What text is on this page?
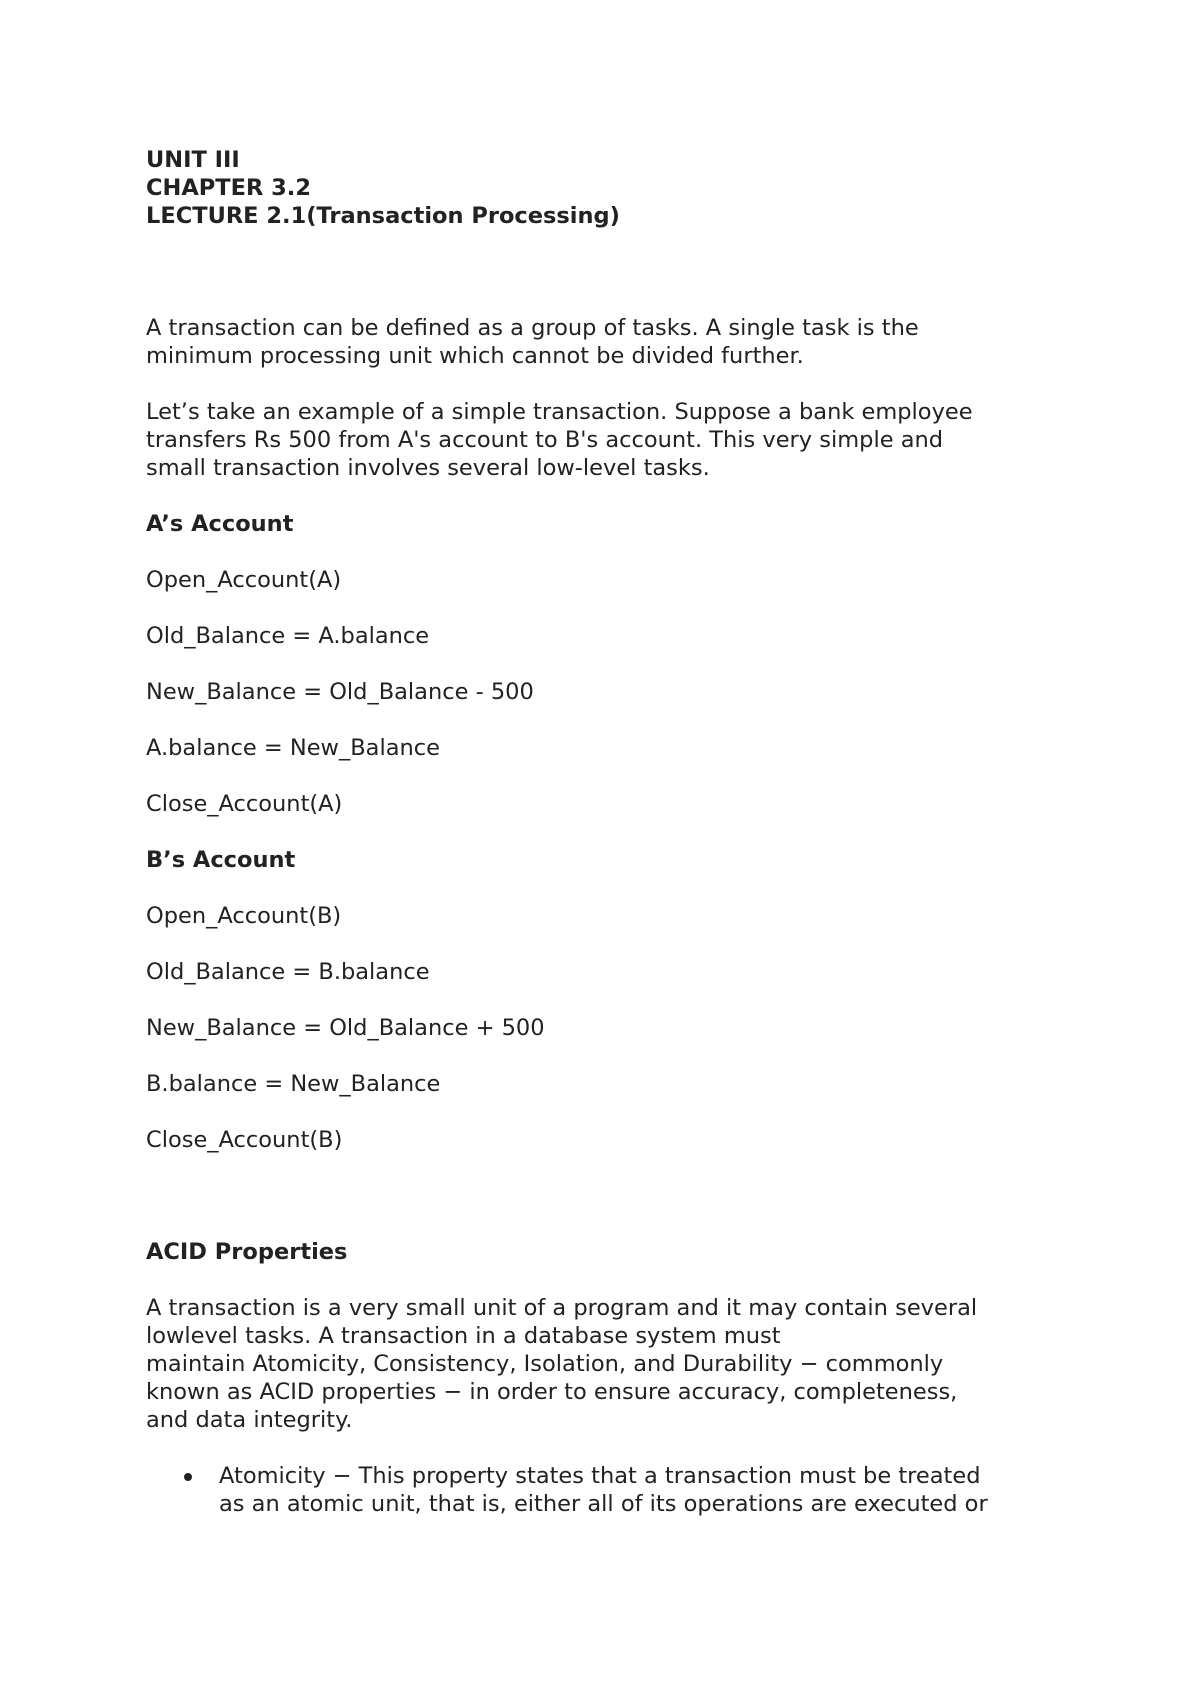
UNIT III
CHAPTER 3.2
LECTURE 2.1(Transaction Processing)

A transaction can be defined as a group of tasks. A single task is the
minimum processing unit which cannot be divided further.

Let’s take an example of a simple transaction. Suppose a bank employee
transfers Rs 500 from A's account to B's account. This very simple and
small transaction involves several low-level tasks.

A’s Account

Open_Account(A)

Old_Balance = A.balance

New_Balance = Old_Balance - 500

A.balance = New_Balance

Close_Account(A)

B’s Account

Open_Account(B)

Old_Balance = B.balance

New_Balance = Old_Balance + 500

B.balance = New_Balance

Close_Account(B)

ACID Properties

A transaction is a very small unit of a program and it may contain several
lowlevel tasks. A transaction in a database system must
maintain Atomicity, Consistency, Isolation, and Durability − commonly
known as ACID properties − in order to ensure accuracy, completeness,
and data integrity.

Atomicity − This property states that a transaction must be treated
as an atomic unit, that is, either all of its operations are executed or
